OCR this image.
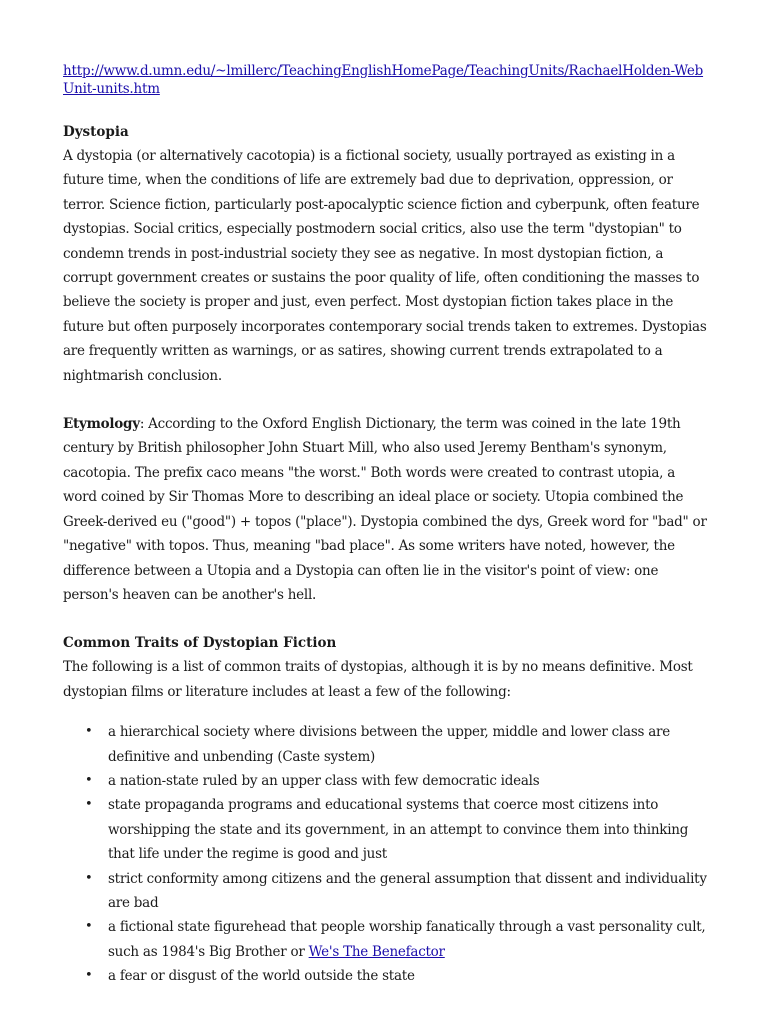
http://www.d.umn.edu/~lmillerc/TeachingEnglishHomePage/TeachingUnits/RachaelHolden-WebUnit-units.htm
Dystopia

A dystopia (or alternatively cacotopia) is a fictional society, usually portrayed as existing in a future time, when the conditions of life are extremely bad due to deprivation, oppression, or terror. Science fiction, particularly post-apocalyptic science fiction and cyberpunk, often feature dystopias. Social critics, especially postmodern social critics, also use the term "dystopian" to condemn trends in post-industrial society they see as negative. In most dystopian fiction, a corrupt government creates or sustains the poor quality of life, often conditioning the masses to believe the society is proper and just, even perfect. Most dystopian fiction takes place in the future but often purposely incorporates contemporary social trends taken to extremes. Dystopias are frequently written as warnings, or as satires, showing current trends extrapolated to a nightmarish conclusion.

Etymology: According to the Oxford English Dictionary, the term was coined in the late 19th century by British philosopher John Stuart Mill, who also used Jeremy Bentham's synonym, cacotopia. The prefix caco means "the worst." Both words were created to contrast utopia, a word coined by Sir Thomas More to describing an ideal place or society. Utopia combined the Greek-derived eu ("good") + topos ("place"). Dystopia combined the dys, Greek word for "bad" or "negative" with topos. Thus, meaning "bad place". As some writers have noted, however, the difference between a Utopia and a Dystopia can often lie in the visitor's point of view: one person's heaven can be another's hell.

Common Traits of Dystopian Fiction

The following is a list of common traits of dystopias, although it is by no means definitive. Most dystopian films or literature includes at least a few of the following:

• a hierarchical society where divisions between the upper, middle and lower class are definitive and unbending (Caste system)
• a nation-state ruled by an upper class with few democratic ideals
• state propaganda programs and educational systems that coerce most citizens into worshipping the state and its government, in an attempt to convince them into thinking that life under the regime is good and just
• strict conformity among citizens and the general assumption that dissent and individuality are bad
• a fictional state figurehead that people worship fanatically through a vast personality cult, such as 1984's Big Brother or We's The Benefactor
• a fear or disgust of the world outside the state
